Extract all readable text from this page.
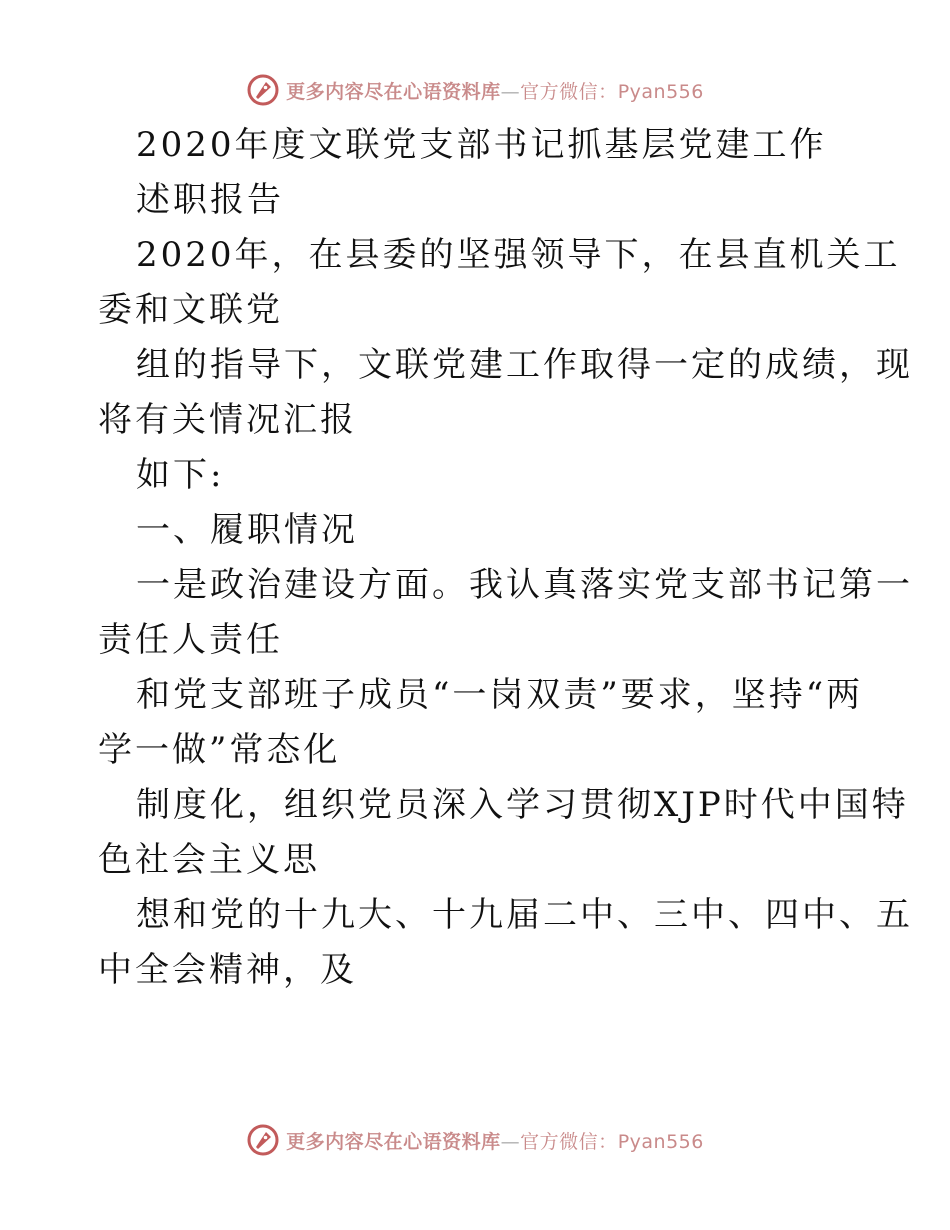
更多内容尽在心语资料库—官方微信：Pyan556
2020年度文联党支部书记抓基层党建工作
述职报告
2020年，在县委的坚强领导下，在县直机关工
委和文联党
组的指导下，文联党建工作取得一定的成绩，现
将有关情况汇报
如下:
一、履职情况
一是政治建设方面。我认真落实党支部书记第一
责任人责任
和党支部班子成员“一岗双责”要求，坚持“两
学一做”常态化
制度化，组织党员深入学习贯彻XJP时代中国特
色社会主义思
想和党的十九大、十九届二中、三中、四中、五
中全会精神，及
更多内容尽在心语资料库—官方微信：Pyan556
